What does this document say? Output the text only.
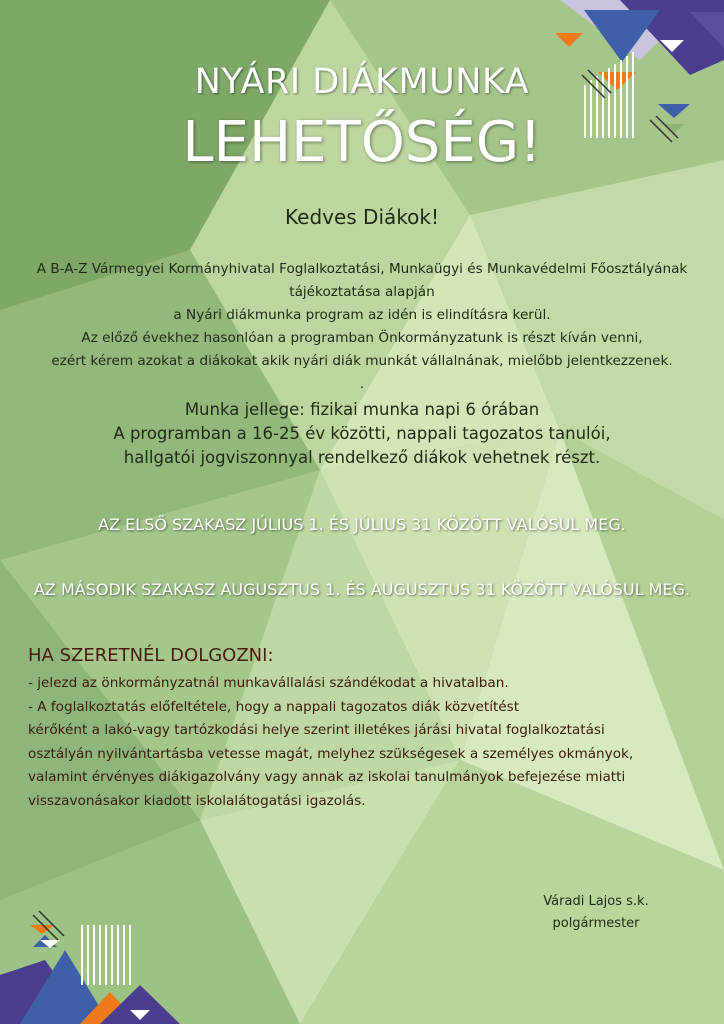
NYÁRI DIÁKMUNKA
LEHETŐSÉG!
Kedves Diákok!
A B-A-Z Vármegyei Kormányhivatal Foglalkoztatási, Munkaügyi és Munkavédelmi Főosztályának
tájékoztatása alapján
a Nyári diákmunka program az idén is elindításra kerül.
Az előző évekhez hasonlóan a programban Önkormányzatunk is részt kíván venni,
ezért kérem azokat a diákokat akik nyári diák munkát vállalnának, mielőbb jelentkezzenek.
.
Munka jellege: fizikai munka napi 6 órában
A programban a 16-25 év közötti, nappali tagozatos tanulói,
hallgatói jogviszonnyal rendelkező diákok vehetnek részt.
AZ ELSŐ SZAKASZ JÚLIUS 1. ÉS JÚLIUS 31 KÖZÖTT VALÓSUL MEG.
AZ MÁSODIK SZAKASZ AUGUSZTUS 1. ÉS AUGUSZTUS 31 KÖZÖTT VALÓSUL MEG.
HA SZERETNÉL DOLGOZNI:
- jelezd az önkormányzatnál munkavállalási szándékodat a hivatalban.
- A foglalkoztatás előfeltétele, hogy a nappali tagozatos diák közvetítést
kérőként a lakó-vagy tartózkodási helye szerint illetékes járási hivatal foglalkoztatási
osztályán nyilvántartásba vetesse magát, melyhez szükségesek a személyes okmányok,
valamint érvényes diákigazolvány vagy annak az iskolai tanulmányok befejezése miatti
visszavonásakor kiadott iskolalátogatási igazolás.
Váradi Lajos s.k.
polgármester
